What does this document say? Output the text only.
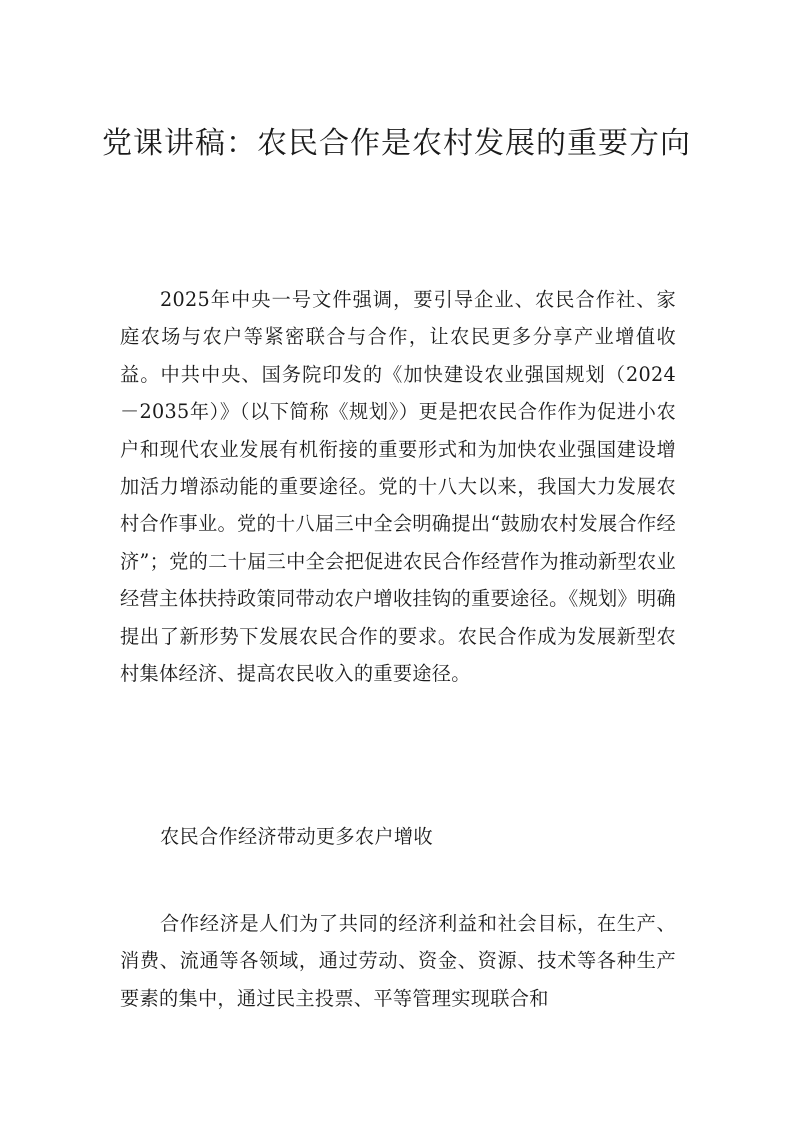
党课讲稿：农民合作是农村发展的重要方向

2025年中央一号文件强调，要引导企业、农民合作社、家庭农场与农户等紧密联合与合作，让农民更多分享产业增值收益。中共中央、国务院印发的《加快建设农业强国规划（2024－2035年）》（以下简称《规划》）更是把农民合作作为促进小农户和现代农业发展有机衔接的重要形式和为加快农业强国建设增加活力增添动能的重要途径。党的十八大以来，我国大力发展农村合作事业。党的十八届三中全会明确提出“鼓励农村发展合作经济”；党的二十届三中全会把促进农民合作经营作为推动新型农业经营主体扶持政策同带动农户增收挂钩的重要途径。《规划》明确提出了新形势下发展农民合作的要求。农民合作成为发展新型农村集体经济、提高农民收入的重要途径。

农民合作经济带动更多农户增收

合作经济是人们为了共同的经济利益和社会目标，在生产、消费、流通等各领域，通过劳动、资金、资源、技术等各种生产要素的集中，通过民主投票、平等管理实现联合和
